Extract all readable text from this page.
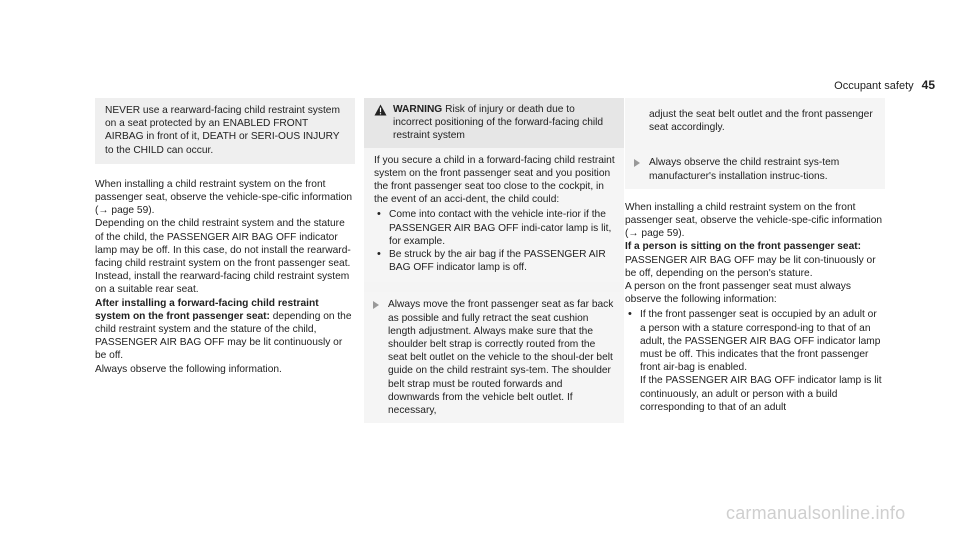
Occupant safety 45
NEVER use a rearward-facing child restraint system on a seat protected by an ENABLED FRONT AIRBAG in front of it, DEATH or SERI-OUS INJURY to the CHILD can occur.

When installing a child restraint system on the front passenger seat, observe the vehicle-spe-cific information (→ page 59).

Depending on the child restraint system and the stature of the child, the PASSENGER AIR BAG OFF indicator lamp may be off. In this case, do not install the rearward-facing child restraint system on the front passenger seat.

Instead, install the rearward-facing child restraint system on a suitable rear seat.

After installing a forward-facing child restraint system on the front passenger seat: depending on the child restraint system and the stature of the child, PASSENGER AIR BAG OFF may be lit continuously or be off.

Always observe the following information.

WARNING Risk of injury or death due to incorrect positioning of the forward-facing child restraint system

If you secure a child in a forward-facing child restraint system on the front passenger seat and you position the front passenger seat too close to the cockpit, in the event of an acci-dent, the child could:

• Come into contact with the vehicle inte-rior if the PASSENGER AIR BAG OFF indi-cator lamp is lit, for example.
• Be struck by the air bag if the PASSENGER AIR BAG OFF indicator lamp is off.
Always move the front passenger seat as far back as possible and fully retract the seat cushion length adjustment. Always make sure that the shoulder belt strap is correctly routed from the seat belt outlet on the vehicle to the shoul-der belt guide on the child restraint sys-tem. The shoulder belt strap must be routed forwards and downwards from the vehicle belt outlet. If necessary,
adjust the seat belt outlet and the front passenger seat accordingly.
Always observe the child restraint sys-tem manufacturer's installation instruc-tions.

When installing a child restraint system on the front passenger seat, observe the vehicle-spe-cific information (→ page 59).

If a person is sitting on the front passenger seat: PASSENGER AIR BAG OFF may be lit con-tinuously or be off, depending on the person's stature.

A person on the front passenger seat must always observe the following information:

• If the front passenger seat is occupied by an adult or a person with a stature correspond-ing to that of an adult, the PASSENGER AIR BAG OFF indicator lamp must be off. This indicates that the front passenger front air-bag is enabled.
If the PASSENGER AIR BAG OFF indicator lamp is lit continuously, an adult or person with a build corresponding to that of an adult
carmanualsonline.info
